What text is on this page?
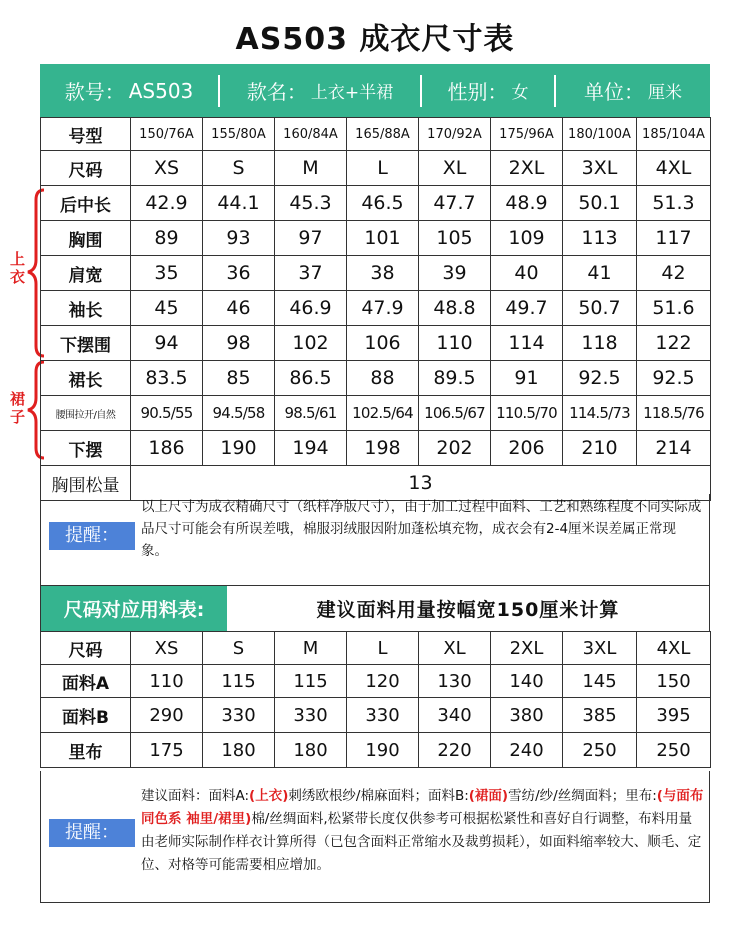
AS503 成衣尺寸表
款号： AS503	款名： 上衣+半裙	性别： 女	单位： 厘米
上衣
裙子
号型	150/76A	155/80A	160/84A	165/88A	170/92A	175/96A	180/100A	185/104A
尺码	XS	S	M	L	XL	2XL	3XL	4XL
后中长	42.9	44.1	45.3	46.5	47.7	48.9	50.1	51.3
胸围	89	93	97	101	105	109	113	117
肩宽	35	36	37	38	39	40	41	42
袖长	45	46	46.9	47.9	48.8	49.7	50.7	51.6
下摆围	94	98	102	106	110	114	118	122
裙长	83.5	85	86.5	88	89.5	91	92.5	92.5
腰围拉开/自然	90.5/55	94.5/58	98.5/61	102.5/64	106.5/67	110.5/70	114.5/73	118.5/76
下摆	186	190	194	198	202	206	210	214
胸围松量	13							
提醒：
以上尺寸为成衣精确尺寸（纸样净版尺寸），由于加工过程中面料、工艺和熟练程度不同实际成品尺寸可能会有所误差哦，棉服羽绒服因附加蓬松填充物，成衣会有2-4厘米误差属正常现象。
尺码对应用料表:	建议面料用量按幅宽150厘米计算
尺码	XS	S	M	L	XL	2XL	3XL	4XL
面料A	110	115	115	120	130	140	145	150
面料B	290	330	330	330	340	380	385	395
里布	175	180	180	190	220	240	250	250
提醒：
建议面料：面料A:(上衣)刺绣欧根纱/棉麻面料；面料B:(裙面)雪纺/纱/丝绸面料；里布:(与面布同色系 袖里/裙里)棉/丝绸面料,松紧带长度仅供参考可根据松紧性和喜好自行调整，布料用量由老师实际制作样衣计算所得（已包含面料正常缩水及裁剪损耗），如面料缩率较大、顺毛、定位、对格等可能需要相应增加。
